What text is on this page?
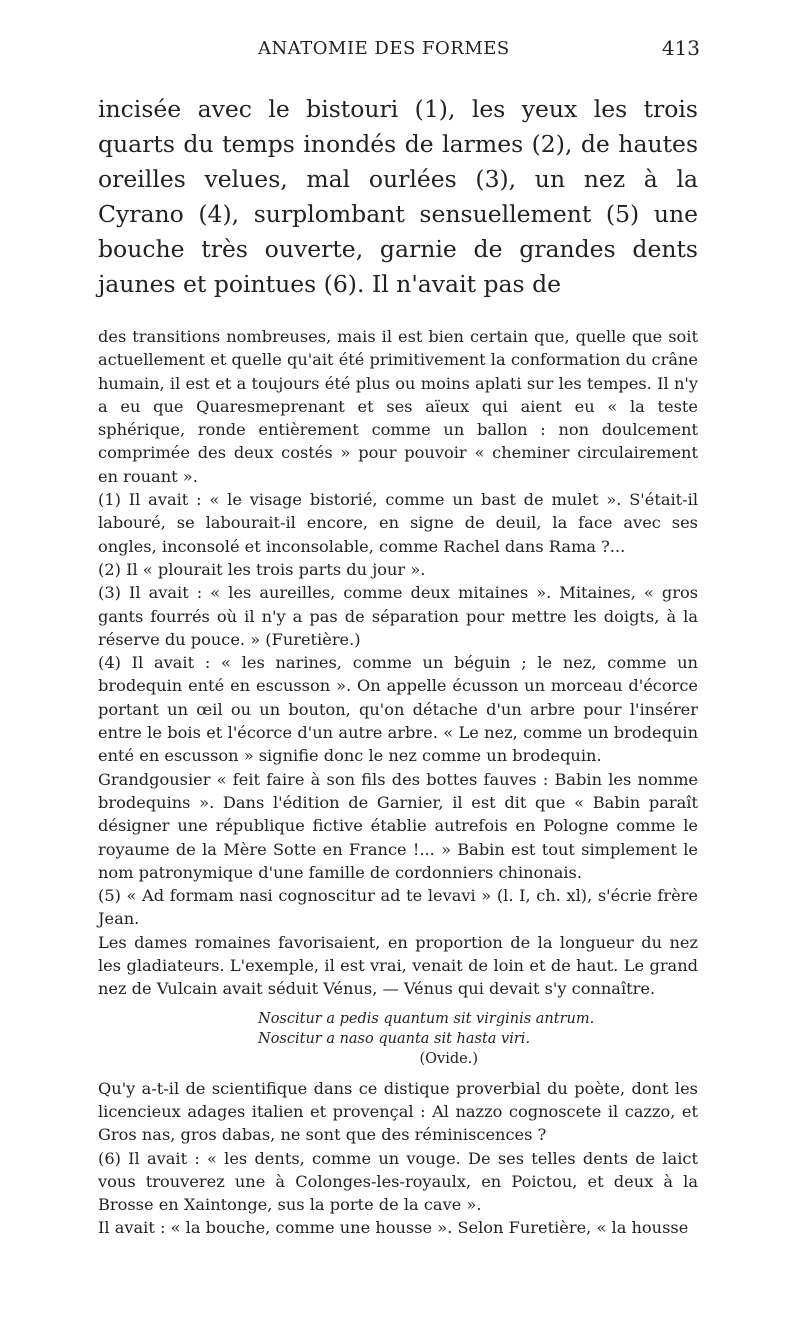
ANATOMIE DES FORMES	413

incisée avec le bistouri (1), les yeux les trois quarts du temps inondés de larmes (2), de hautes oreilles velues, mal ourlées (3), un nez à la Cyrano (4), surplombant sensuellement (5) une bouche très ouverte, garnie de grandes dents jaunes et pointues (6). Il n'avait pas de

des transitions nombreuses, mais il est bien certain que, quelle que soit actuellement et quelle qu'ait été primitivement la conformation du crâne humain, il est et a toujours été plus ou moins aplati sur les tempes. Il n'y a eu que Quaresmeprenant et ses aïeux qui aient eu « la teste sphérique, ronde entièrement comme un ballon : non doulcement comprimée des deux costés » pour pouvoir « cheminer circulairement en rouant ».

(1) Il avait : « le visage bistorié, comme un bast de mulet ». S'était-il labouré, se labourait-il encore, en signe de deuil, la face avec ses ongles, inconsolé et inconsolable, comme Rachel dans Rama ?...

(2) Il « plourait les trois parts du jour ».

(3) Il avait : « les aureilles, comme deux mitaines ». Mitaines, « gros gants fourrés où il n'y a pas de séparation pour mettre les doigts, à la réserve du pouce. » (Furetière.)

(4) Il avait : « les narines, comme un béguin ; le nez, comme un brodequin enté en escusson ». On appelle écusson un morceau d'écorce portant un œil ou un bouton, qu'on détache d'un arbre pour l'insérer entre le bois et l'écorce d'un autre arbre. « Le nez, comme un brodequin enté en escusson » signifie donc le nez comme un brodequin.

Grandgousier « feit faire à son fils des bottes fauves : Babin les nomme brodequins ». Dans l'édition de Garnier, il est dit que « Babin paraît désigner une république fictive établie autrefois en Pologne comme le royaume de la Mère Sotte en France !... » Babin est tout simplement le nom patronymique d'une famille de cordonniers chinonais.

(5) « Ad formam nasi cognoscitur ad te levavi » (l. I, ch. xl), s'écrie frère Jean.

Les dames romaines favorisaient, en proportion de la longueur du nez les gladiateurs. L'exemple, il est vrai, venait de loin et de haut. Le grand nez de Vulcain avait séduit Vénus, — Vénus qui devait s'y connaître.

Noscitur a pedis quantum sit virginis antrum.

Noscitur a naso quanta sit hasta viri.

(Ovide.)

Qu'y a-t-il de scientifique dans ce distique proverbial du poète, dont les licencieux adages italien et provençal : Al nazzo cognoscete il cazzo, et Gros nas, gros dabas, ne sont que des réminiscences ?

(6) Il avait : « les dents, comme un vouge. De ses telles dents de laict vous trouverez une à Colonges-les-royaulx, en Poictou, et deux à la Brosse en Xaintonge, sus la porte de la cave ».

Il avait : « la bouche, comme une housse ». Selon Furetière, « la housse
